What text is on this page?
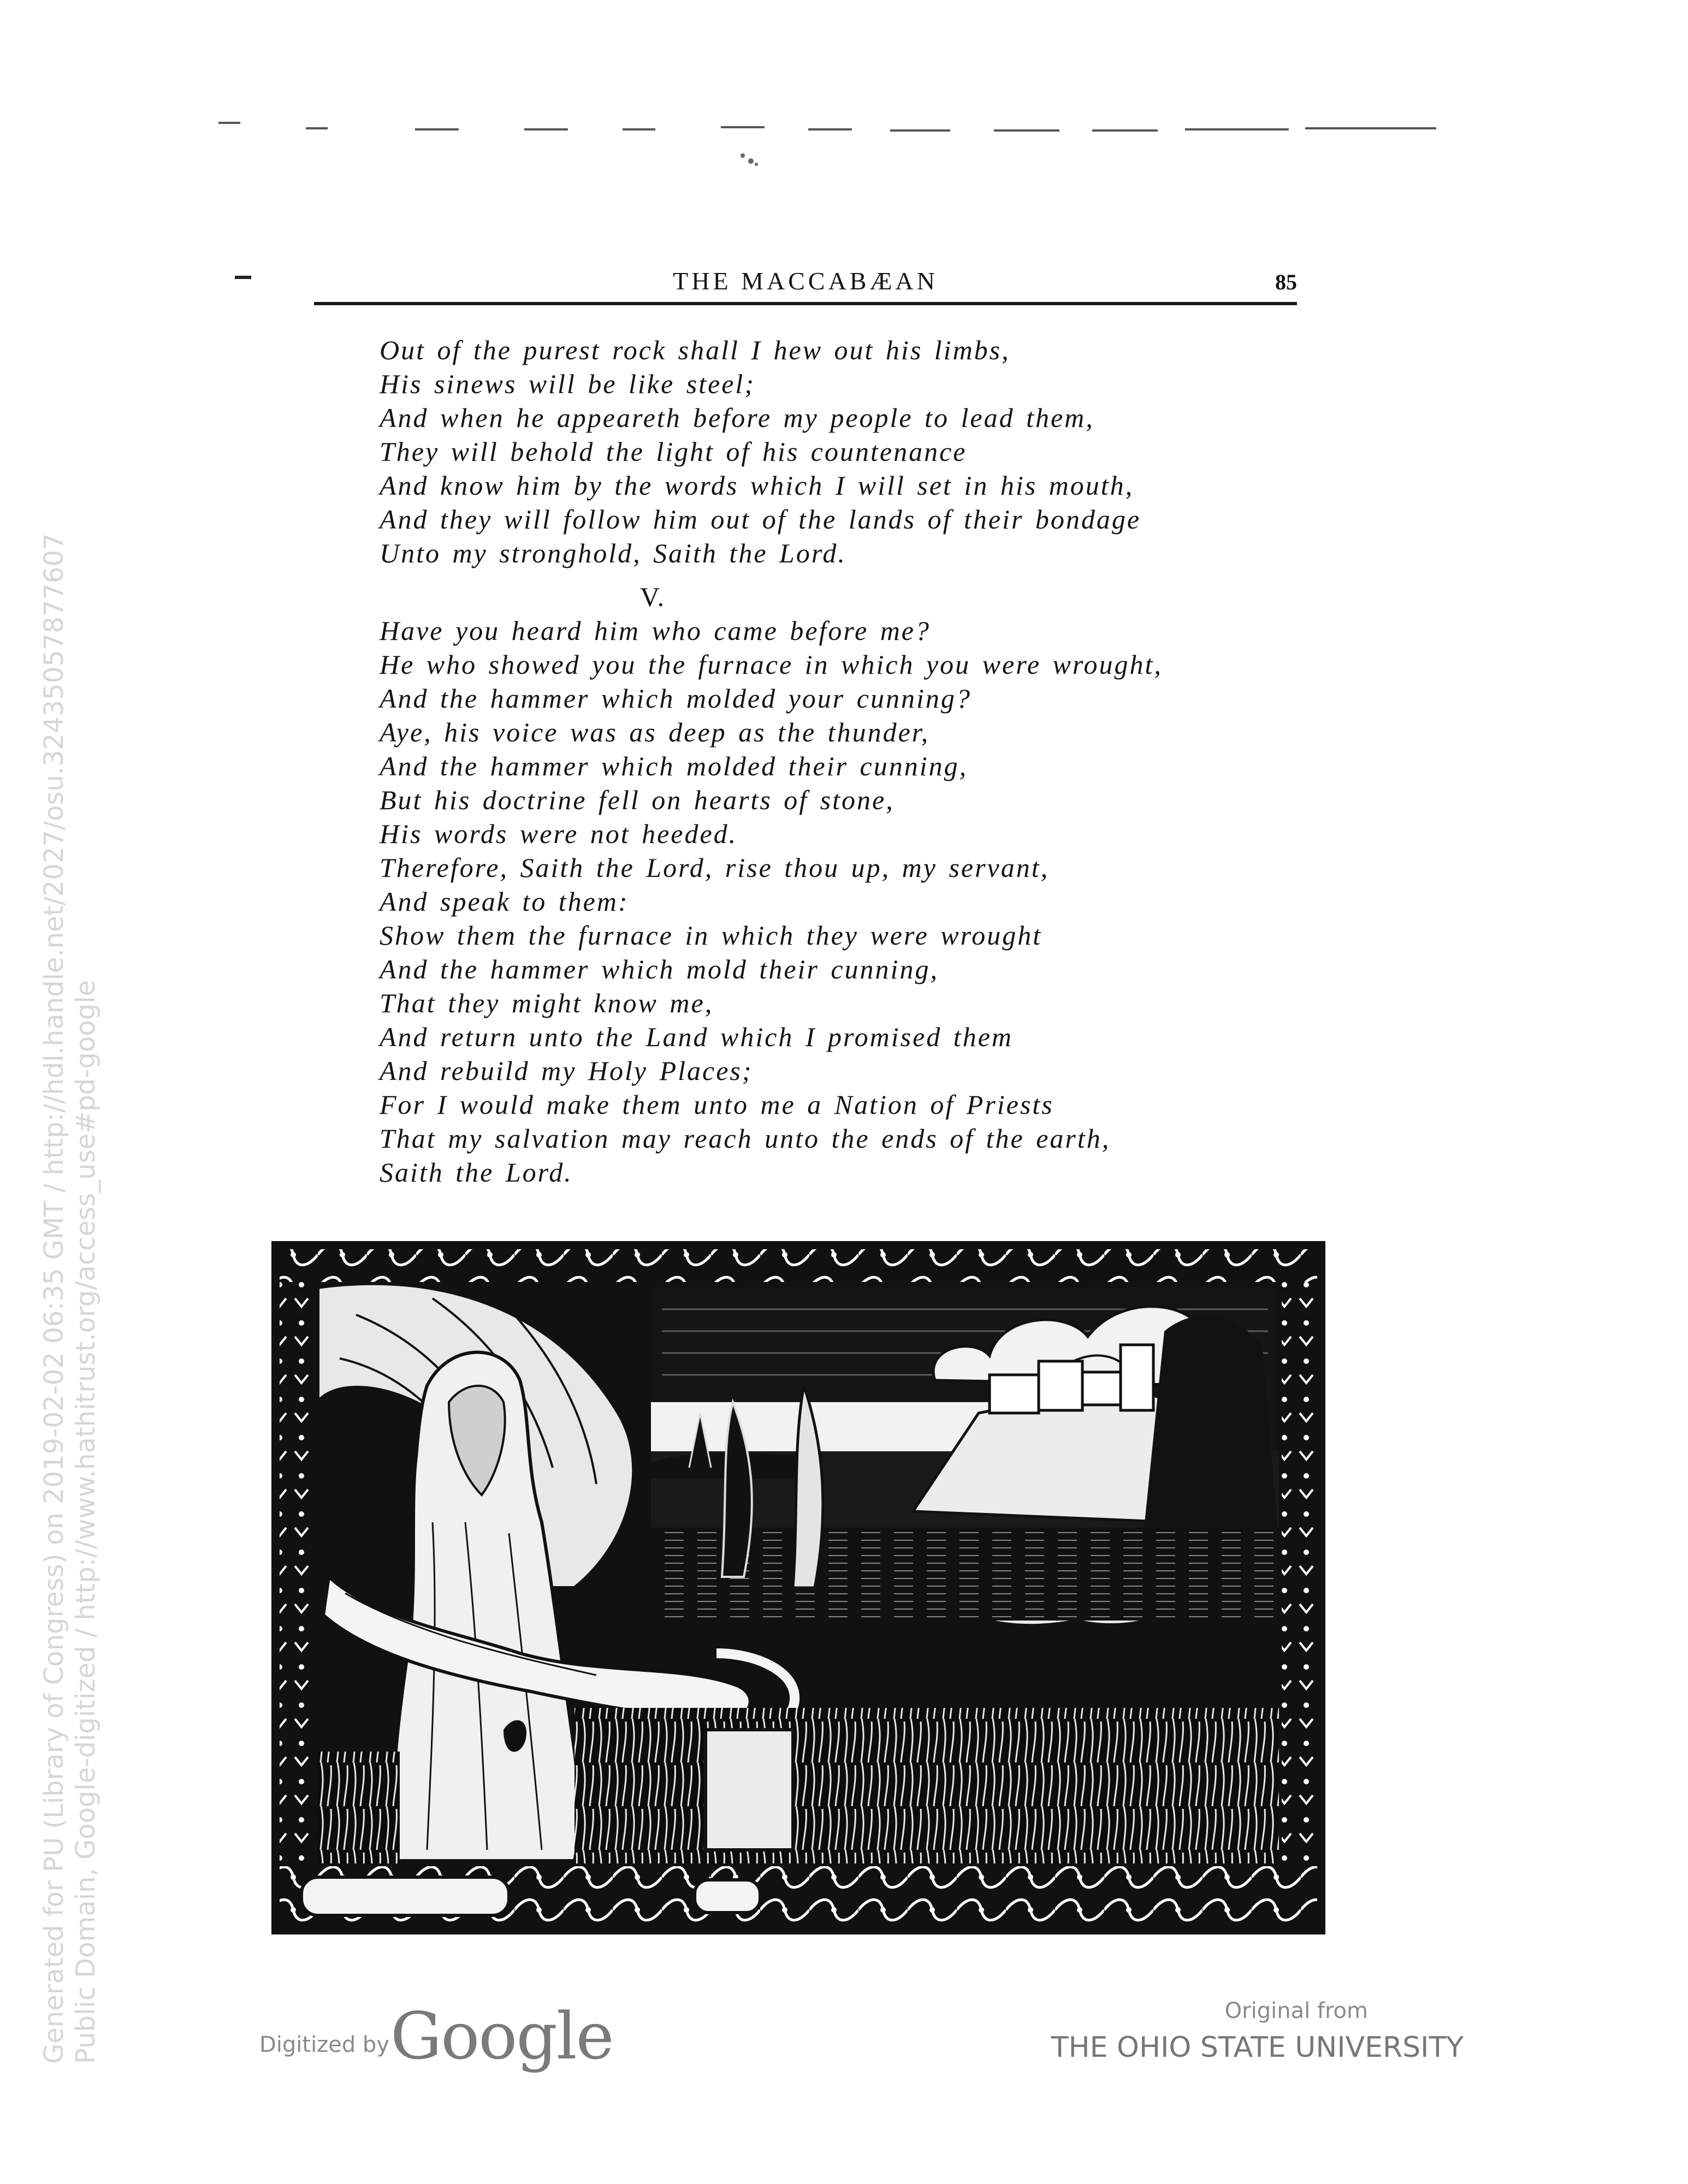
Generated for PU (Library of Congress) on 2019-02-02 06:35 GMT / http://hdl.handle.net/2027/osu.32435057877607 Public Domain, Google-digitized / http://www.hathitrust.org/access_use#pd-google
THE MACCABÆAN	85
Out of the purest rock shall I hew out his limbs,
His sinews will be like steel;
And when he appeareth before my people to lead them,
They will behold the light of his countenance
And know him by the words which I will set in his mouth,
And they will follow him out of the lands of their bondage
Unto my stronghold, Saith the Lord.
V.
Have you heard him who came before me?
He who showed you the furnace in which you were wrought,
And the hammer which molded your cunning?
Aye, his voice was as deep as the thunder,
And the hammer which molded their cunning,
But his doctrine fell on hearts of stone,
His words were not heeded.
Therefore, Saith the Lord, rise thou up, my servant,
And speak to them:
Show them the furnace in which they were wrought
And the hammer which mold their cunning,
That they might know me,
And return unto the Land which I promised them
And rebuild my Holy Places;
For I would make them unto me a Nation of Priests
That my salvation may reach unto the ends of the earth,
Saith the Lord.
Digitized by Google	Original from
THE OHIO STATE UNIVERSITY
